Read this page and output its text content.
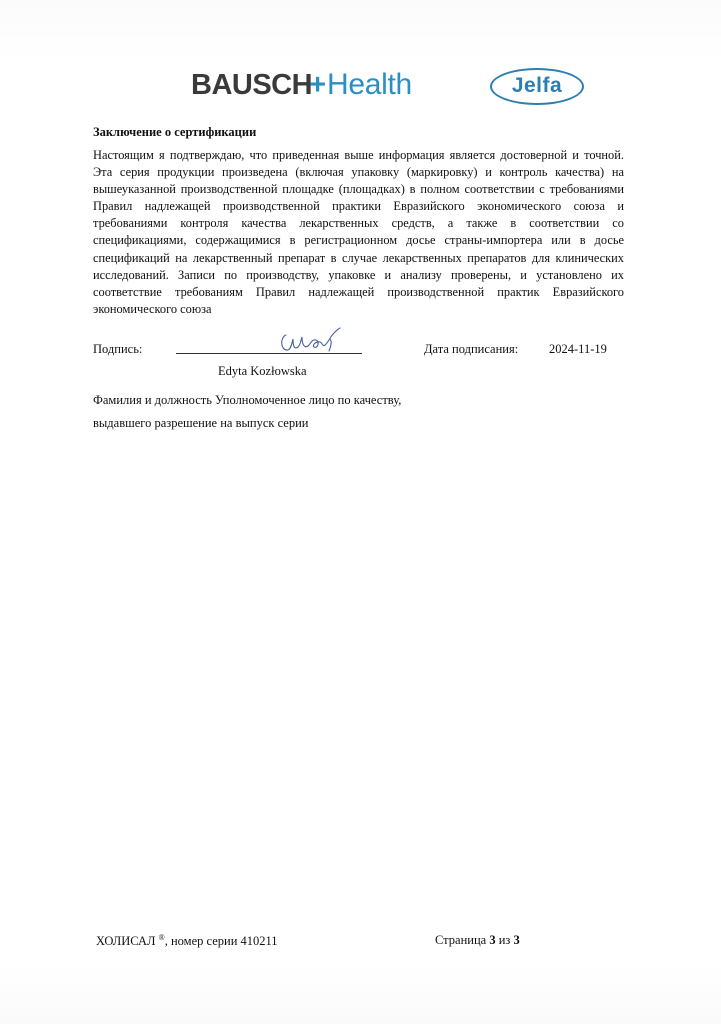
BAUSCH+Health	Jelfa
Заключение о сертификации
Настоящим я подтверждаю, что приведенная выше информация является достоверной и точной. Эта серия продукции произведена (включая упаковку (маркировку) и контроль качества) на вышеуказанной производственной площадке (площадках) в полном соответствии с требованиями Правил надлежащей производственной практики Евразийского экономического союза и требованиями контроля качества лекарственных средств, а также в соответствии со спецификациями, содержащимися в регистрационном досье страны-импортера или в досье спецификаций на лекарственный препарат в случае лекарственных препаратов для клинических исследований. Записи по производству, упаковке и анализу проверены, и установлено их соответствие требованиям Правил надлежащей производственной практик Евразийского экономического союза
Подпись:
Edyta Kozłowska
Дата подписания: 2024-11-19
Фамилия и должность Уполномоченное лицо по качеству,
выдавшего разрешение на выпуск серии
ХОЛИСАЛ ®, номер серии 410211	Страница 3 из 3
